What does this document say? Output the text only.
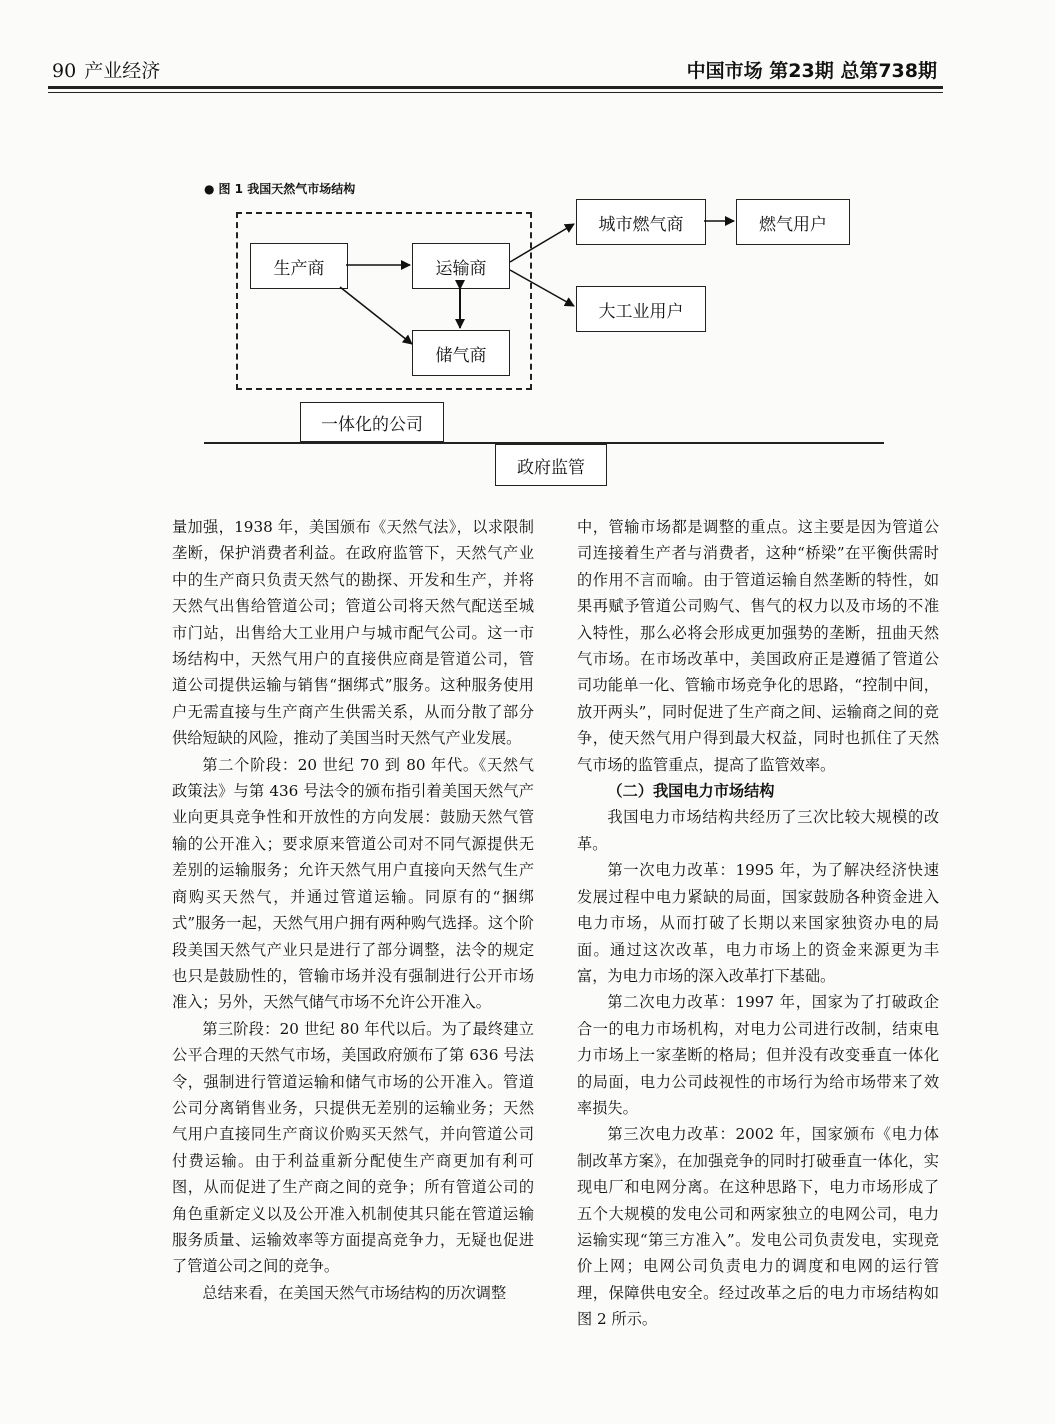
90 产业经济	中国市场 第23期 总第738期
● 图 1 我国天然气市场结构
生产商	运输商
储气商
城市燃气商	燃气用户
大工业用户
一体化的公司
政府监管

量加强，1938 年，美国颁布《天然气法》，以求限制垄断，保护消费者利益。在政府监管下，天然气产业中的生产商只负责天然气的勘探、开发和生产，并将天然气出售给管道公司；管道公司将天然气配送至城市门站，出售给大工业用户与城市配气公司。这一市场结构中，天然气用户的直接供应商是管道公司，管道公司提供运输与销售“捆绑式”服务。这种服务使用户无需直接与生产商产生供需关系，从而分散了部分供给短缺的风险，推动了美国当时天然气产业发展。

第二个阶段：20 世纪 70 到 80 年代。《天然气政策法》与第 436 号法令的颁布指引着美国天然气产业向更具竞争性和开放性的方向发展：鼓励天然气管输的公开准入；要求原来管道公司对不同气源提供无差别的运输服务；允许天然气用户直接向天然气生产商购买天然气，并通过管道运输。同原有的“捆绑式”服务一起，天然气用户拥有两种购气选择。这个阶段美国天然气产业只是进行了部分调整，法令的规定也只是鼓励性的，管输市场并没有强制进行公开市场准入；另外，天然气储气市场不允许公开准入。

第三阶段：20 世纪 80 年代以后。为了最终建立公平合理的天然气市场，美国政府颁布了第 636 号法令，强制进行管道运输和储气市场的公开准入。管道公司分离销售业务，只提供无差别的运输业务；天然气用户直接同生产商议价购买天然气，并向管道公司付费运输。由于利益重新分配使生产商更加有利可图，从而促进了生产商之间的竞争；所有管道公司的角色重新定义以及公开准入机制使其只能在管道运输服务质量、运输效率等方面提高竞争力，无疑也促进了管道公司之间的竞争。

总结来看，在美国天然气市场结构的历次调整

中，管输市场都是调整的重点。这主要是因为管道公司连接着生产者与消费者，这种“桥梁”在平衡供需时的作用不言而喻。由于管道运输自然垄断的特性，如果再赋予管道公司购气、售气的权力以及市场的不准入特性，那么必将会形成更加强势的垄断，扭曲天然气市场。在市场改革中，美国政府正是遵循了管道公司功能单一化、管输市场竞争化的思路，“控制中间，放开两头”，同时促进了生产商之间、运输商之间的竞争，使天然气用户得到最大权益，同时也抓住了天然气市场的监管重点，提高了监管效率。

（二）我国电力市场结构

我国电力市场结构共经历了三次比较大规模的改革。

第一次电力改革：1995 年，为了解决经济快速发展过程中电力紧缺的局面，国家鼓励各种资金进入电力市场，从而打破了长期以来国家独资办电的局面。通过这次改革，电力市场上的资金来源更为丰富，为电力市场的深入改革打下基础。

第二次电力改革：1997 年，国家为了打破政企合一的电力市场机构，对电力公司进行改制，结束电力市场上一家垄断的格局；但并没有改变垂直一体化的局面，电力公司歧视性的市场行为给市场带来了效率损失。

第三次电力改革：2002 年，国家颁布《电力体制改革方案》，在加强竞争的同时打破垂直一体化，实现电厂和电网分离。在这种思路下，电力市场形成了五个大规模的发电公司和两家独立的电网公司，电力运输实现“第三方准入”。发电公司负责发电，实现竞价上网；电网公司负责电力的调度和电网的运行管理，保障供电安全。经过改革之后的电力市场结构如图 2 所示。
